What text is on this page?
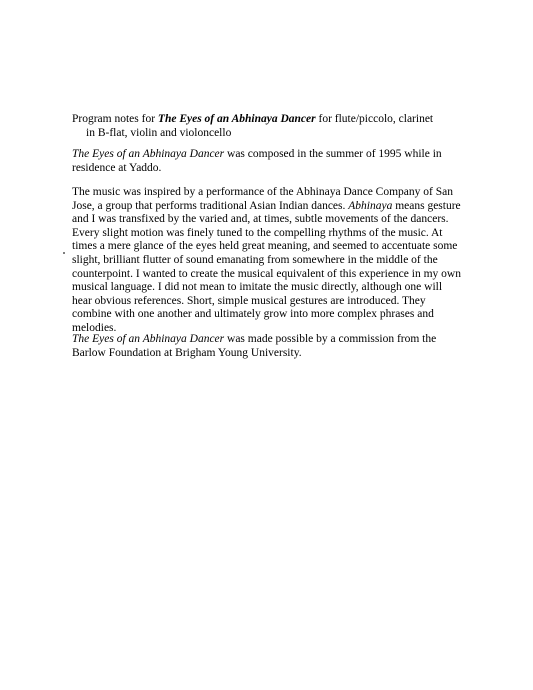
Program notes for The Eyes of an Abhinaya Dancer for flute/piccolo, clarinet
in B-flat, violin and violoncello
The Eyes of an Abhinaya Dancer was composed in the summer of 1995 while in residence at Yaddo.
The music was inspired by a performance of the Abhinaya Dance Company of San Jose, a group that performs traditional Asian Indian dances. Abhinaya means gesture and I was transfixed by the varied and, at times, subtle movements of the dancers. Every slight motion was finely tuned to the compelling rhythms of the music. At times a mere glance of the eyes held great meaning, and seemed to accentuate some slight, brilliant flutter of sound emanating from somewhere in the middle of the counterpoint. I wanted to create the musical equivalent of this experience in my own musical language. I did not mean to imitate the music directly, although one will hear obvious references. Short, simple musical gestures are introduced. They combine with one another and ultimately grow into more complex phrases and melodies.
The Eyes of an Abhinaya Dancer was made possible by a commission from the Barlow Foundation at Brigham Young University.
